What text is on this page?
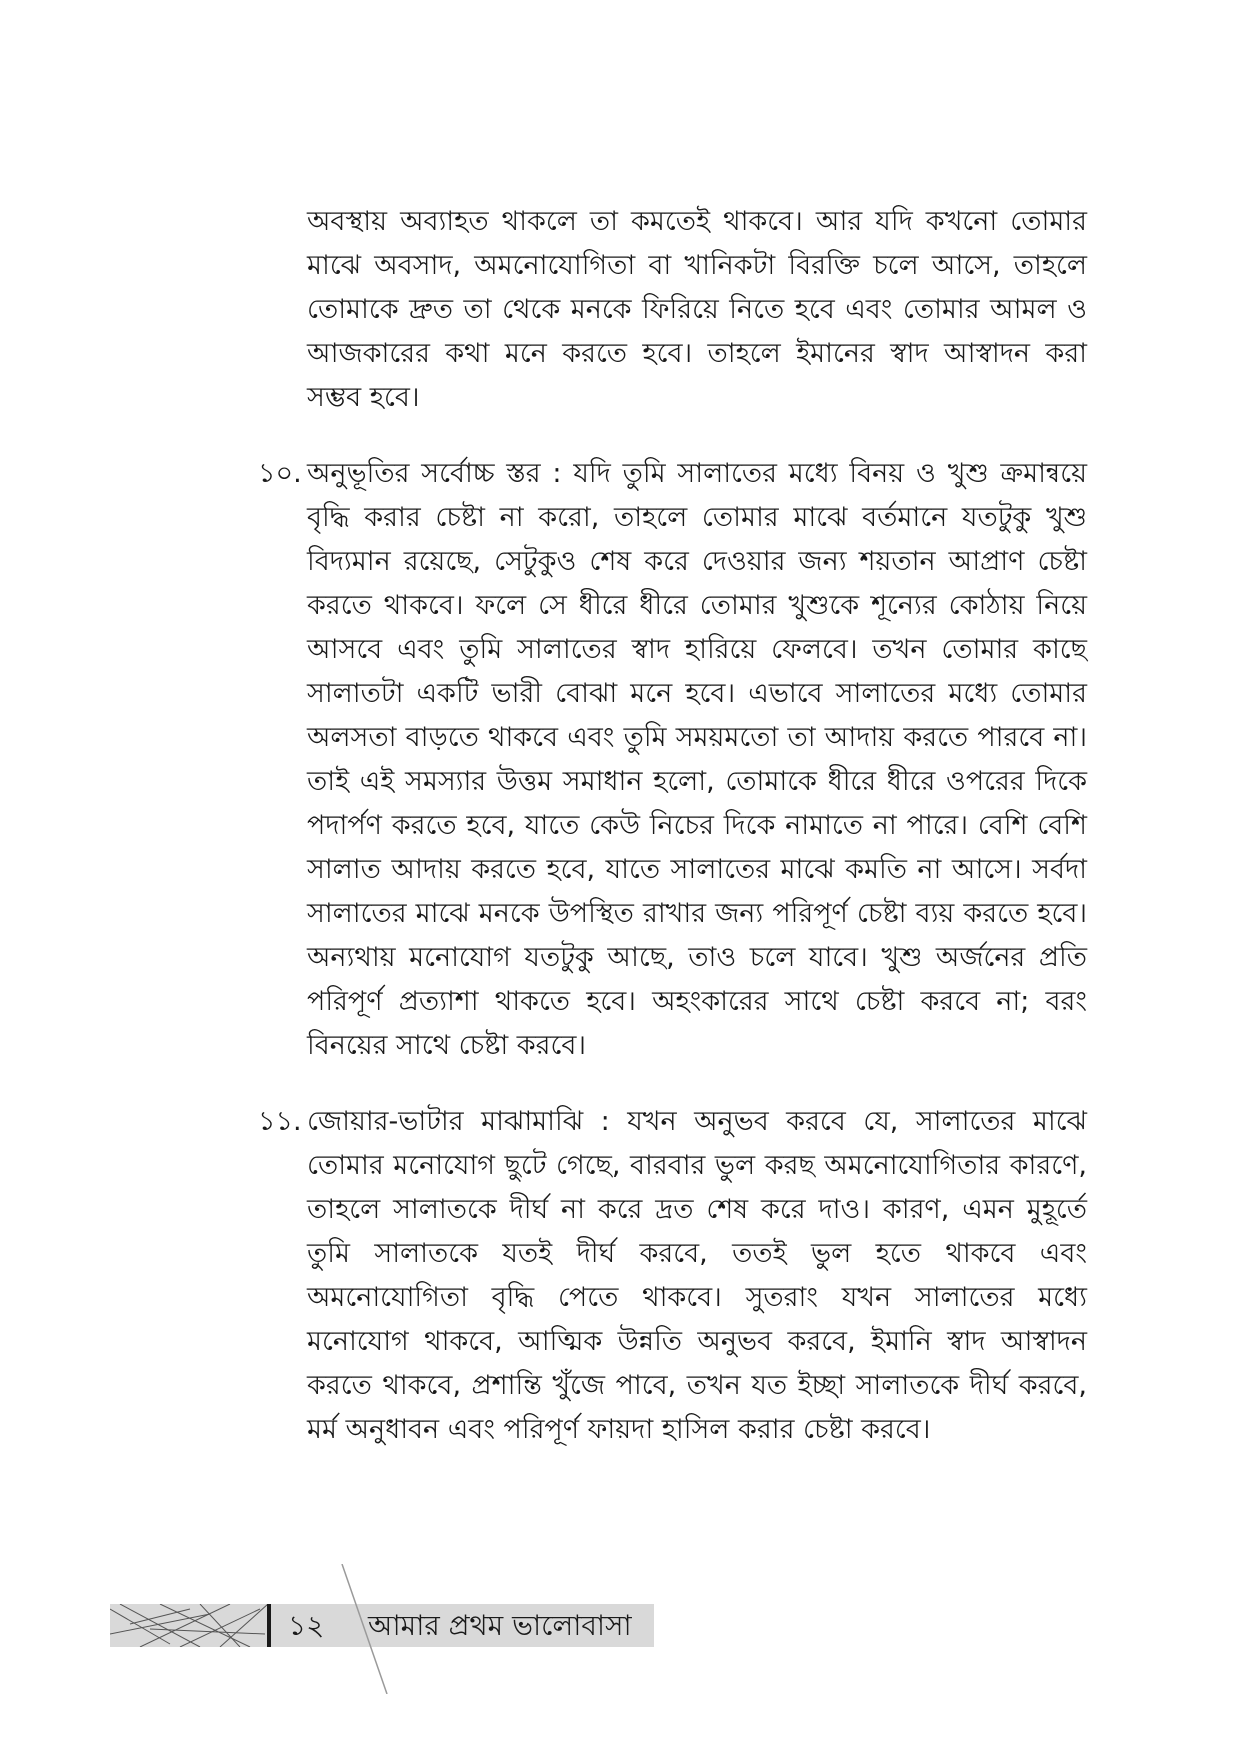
অবস্থায় অব্যাহত থাকলে তা কমতেই থাকবে। আর যদি কখনো তোমার মাঝে অবসাদ, অমনোযোগিতা বা খানিকটা বিরক্তি চলে আসে, তাহলে তোমাকে দ্রুত তা থেকে মনকে ফিরিয়ে নিতে হবে এবং তোমার আমল ও আজকারের কথা মনে করতে হবে। তাহলে ইমানের স্বাদ আস্বাদন করা সম্ভব হবে।

১০. অনুভূতির সর্বোচ্চ স্তর : যদি তুমি সালাতের মধ্যে বিনয় ও খুশু ক্রমান্বয়ে বৃদ্ধি করার চেষ্টা না করো, তাহলে তোমার মাঝে বর্তমানে যতটুকু খুশু বিদ্যমান রয়েছে, সেটুকুও শেষ করে দেওয়ার জন্য শয়তান আপ্রাণ চেষ্টা করতে থাকবে। ফলে সে ধীরে ধীরে তোমার খুশুকে শূন্যের কোঠায় নিয়ে আসবে এবং তুমি সালাতের স্বাদ হারিয়ে ফেলবে। তখন তোমার কাছে সালাতটা একটি ভারী বোঝা মনে হবে। এভাবে সালাতের মধ্যে তোমার অলসতা বাড়তে থাকবে এবং তুমি সময়মতো তা আদায় করতে পারবে না। তাই এই সমস্যার উত্তম সমাধান হলো, তোমাকে ধীরে ধীরে ওপরের দিকে পদার্পণ করতে হবে, যাতে কেউ নিচের দিকে নামাতে না পারে। বেশি বেশি সালাত আদায় করতে হবে, যাতে সালাতের মাঝে কমতি না আসে। সর্বদা সালাতের মাঝে মনকে উপস্থিত রাখার জন্য পরিপূর্ণ চেষ্টা ব্যয় করতে হবে। অন্যথায় মনোযোগ যতটুকু আছে, তাও চলে যাবে। খুশু অর্জনের প্রতি পরিপূর্ণ প্রত্যাশা থাকতে হবে। অহংকারের সাথে চেষ্টা করবে না; বরং বিনয়ের সাথে চেষ্টা করবে।

১১. জোয়ার-ভাটার মাঝামাঝি : যখন অনুভব করবে যে, সালাতের মাঝে তোমার মনোযোগ ছুটে গেছে, বারবার ভুল করছ অমনোযোগিতার কারণে, তাহলে সালাতকে দীর্ঘ না করে দ্রত শেষ করে দাও। কারণ, এমন মুহূর্তে তুমি সালাতকে যতই দীর্ঘ করবে, ততই ভুল হতে থাকবে এবং অমনোযোগিতা বৃদ্ধি পেতে থাকবে। সুতরাং যখন সালাতের মধ্যে মনোযোগ থাকবে, আত্মিক উন্নতি অনুভব করবে, ইমানি স্বাদ আস্বাদন করতে থাকবে, প্রশান্তি খুঁজে পাবে, তখন যত ইচ্ছা সালাতকে দীর্ঘ করবে, মর্ম অনুধাবন এবং পরিপূর্ণ ফায়দা হাসিল করার চেষ্টা করবে।

১২ আমার প্রথম ভালোবাসা
